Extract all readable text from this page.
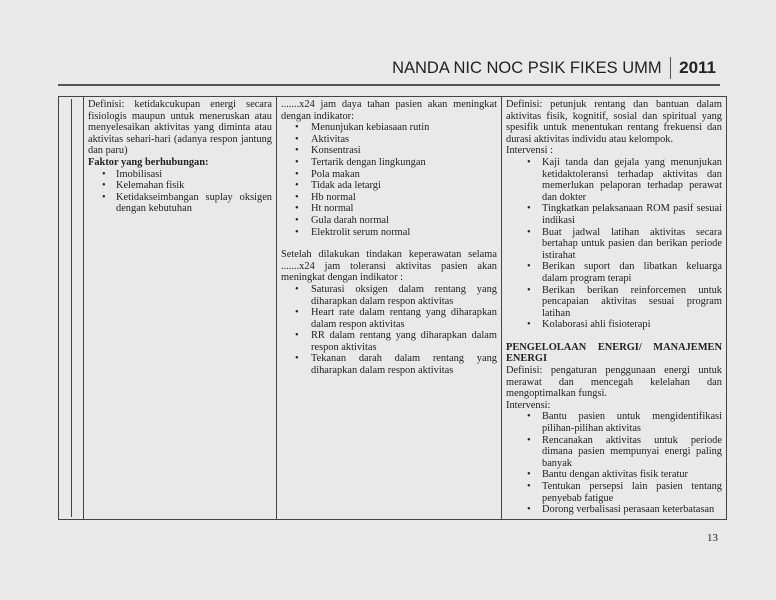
NANDA NIC NOC PSIK FIKES UMM 2011

Definisi: ketidakcukupan energi secara fisiologis maupun untuk meneruskan atau menyelesaikan aktivitas yang diminta atau aktivitas sehari-hari (adanya respon jantung dan paru)
Faktor yang berhubungan:
• Imobilisasi
• Kelemahan fisik
• Ketidakseimbangan suplay oksigen dengan kebutuhan

.......x24 jam daya tahan pasien akan meningkat dengan indikator:
• Menunjukan kebiasaan rutin
• Aktivitas
• Konsentrasi
• Tertarik dengan lingkungan
• Pola makan
• Tidak ada letargi
• Hb normal
• Ht normal
• Gula darah normal
• Elektrolit serum normal
Setelah dilakukan tindakan keperawatan selama .......x24 jam toleransi aktivitas pasien akan meningkat dengan indikator :
• Saturasi oksigen dalam rentang yang diharapkan dalam respon aktivitas
• Heart rate dalam rentang yang diharapkan dalam respon aktivitas
• RR dalam rentang yang diharapkan dalam respon aktivitas
• Tekanan darah dalam rentang yang diharapkan dalam respon aktivitas

Definisi: petunjuk rentang dan bantuan dalam aktivitas fisik, kognitif, sosial dan spiritual yang spesifik untuk menentukan rentang frekuensi dan durasi aktivitas individu atau kelompok.
Intervensi :
• Kaji tanda dan gejala yang menunjukan ketidaktoleransi terhadap aktivitas dan memerlukan pelaporan terhadap perawat dan dokter
• Tingkatkan pelaksanaan ROM pasif sesuai indikasi
• Buat jadwal latihan aktivitas secara bertahap untuk pasien dan berikan periode istirahat
• Berikan suport dan libatkan keluarga dalam program terapi
• Berikan berikan reinforcemen untuk pencapaian aktivitas sesuai program latihan
• Kolaborasi ahli fisioterapi
PENGELOLAAN ENERGI/ MANAJEMEN
ENERGI
Definisi: pengaturan penggunaan energi untuk merawat dan mencegah kelelahan dan mengoptimalkan fungsi.
Intervensi:
• Bantu pasien untuk mengidentifikasi pilihan-pilihan aktivitas
• Rencanakan aktivitas untuk periode dimana pasien mempunyai energi paling banyak
• Bantu dengan aktivitas fisik teratur
• Tentukan persepsi lain pasien tentang penyebab fatigue
• Dorong verbalisasi perasaan keterbatasan
13
